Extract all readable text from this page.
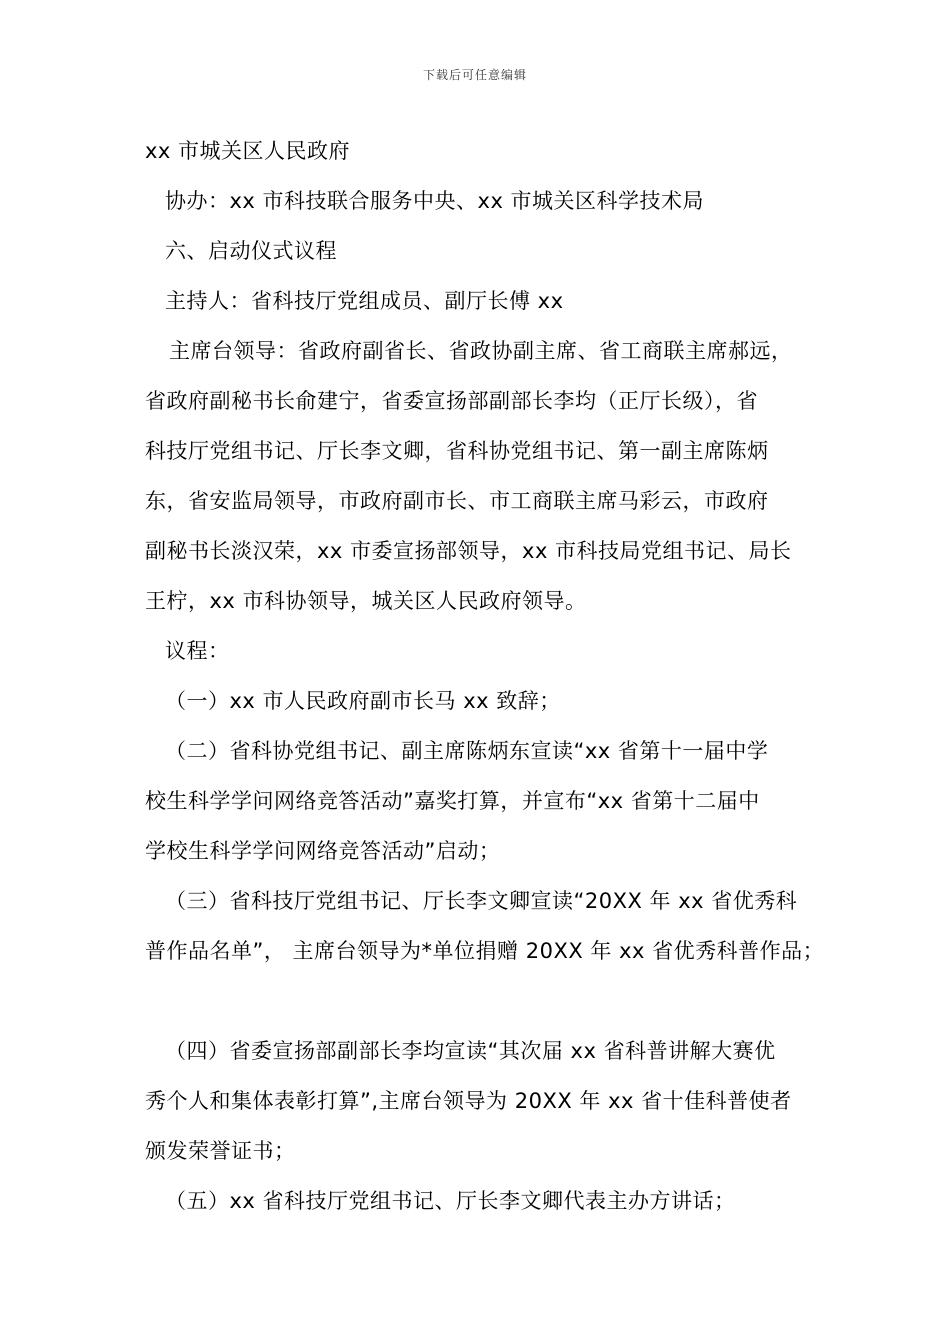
下载后可任意编辑
xx 市城关区人民政府
协办：xx 市科技联合服务中央、xx 市城关区科学技术局
六、启动仪式议程
主持人：省科技厅党组成员、副厅长傅 xx
主席台领导：省政府副省长、省政协副主席、省工商联主席郝远，
省政府副秘书长俞建宁，省委宣扬部副部长李均（正厅长级），省
科技厅党组书记、厅长李文卿，省科协党组书记、第一副主席陈炳
东，省安监局领导，市政府副市长、市工商联主席马彩云，市政府
副秘书长淡汉荣，xx 市委宣扬部领导，xx 市科技局党组书记、局长
王柠，xx 市科协领导，城关区人民政府领导。
议程：
（一）xx 市人民政府副市长马 xx 致辞；
（二）省科协党组书记、副主席陈炳东宣读“xx 省第十一届中学
校生科学学问网络竞答活动”嘉奖打算，并宣布“xx 省第十二届中
学校生科学学问网络竞答活动”启动；
（三）省科技厅党组书记、厅长李文卿宣读“20XX 年 xx 省优秀科
普作品名单”， 主席台领导为*单位捐赠 20XX 年 xx 省优秀科普作品；
（四）省委宣扬部副部长李均宣读“其次届 xx 省科普讲解大赛优
秀个人和集体表彰打算”,主席台领导为 20XX 年 xx 省十佳科普使者
颁发荣誉证书；
（五）xx 省科技厅党组书记、厅长李文卿代表主办方讲话；
